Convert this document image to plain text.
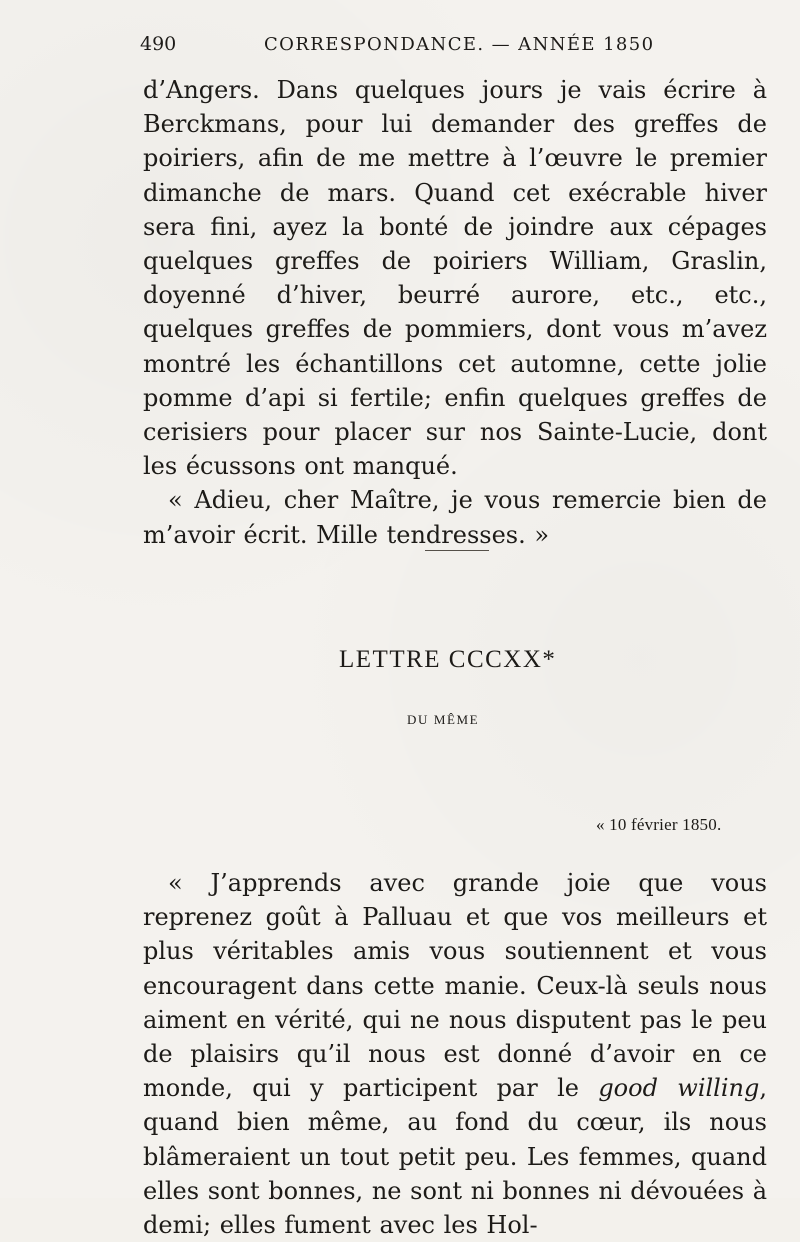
490	CORRESPONDANCE. — ANNÉE 1850

d’Angers. Dans quelques jours je vais écrire à Berckmans, pour lui demander des greffes de poiriers, afin de me mettre à l’œuvre le premier dimanche de mars. Quand cet exécrable hiver sera fini, ayez la bonté de joindre aux cépages quelques greffes de poiriers William, Graslin, doyenné d’hiver, beurré aurore, etc., etc., quelques greffes de pommiers, dont vous m’avez montré les échantillons cet automne, cette jolie pomme d’api si fertile; enfin quelques greffes de cerisiers pour placer sur nos Sainte-Lucie, dont les écussons ont manqué.

« Adieu, cher Maître, je vous remercie bien de m’avoir écrit. Mille tendresses. »

LETTRE CCCXX*
DU MÊME
« 10 février 1850.

« J’apprends avec grande joie que vous reprenez goût à Palluau et que vos meilleurs et plus véritables amis vous soutiennent et vous encouragent dans cette manie. Ceux-là seuls nous aiment en vérité, qui ne nous disputent pas le peu de plaisirs qu’il nous est donné d’avoir en ce monde, qui y participent par le good willing, quand bien même, au fond du cœur, ils nous blâmeraient un tout petit peu. Les femmes, quand elles sont bonnes, ne sont ni bonnes ni dévouées à demi; elles fument avec les Hol-
